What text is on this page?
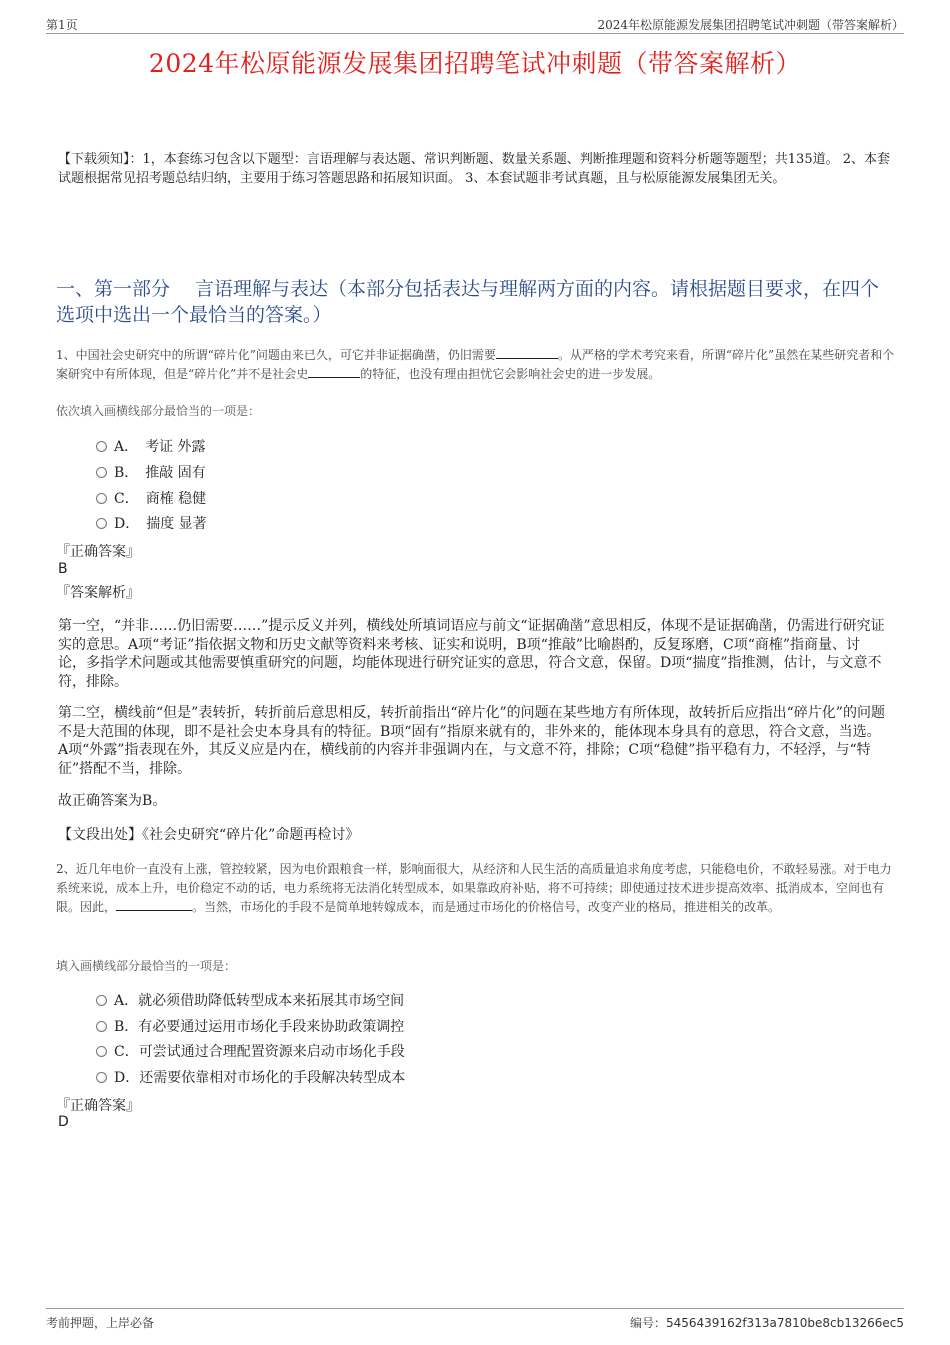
第1页	2024年松原能源发展集团招聘笔试冲刺题（带答案解析）
2024年松原能源发展集团招聘笔试冲刺题（带答案解析）
【下载须知】：1，本套练习包含以下题型：言语理解与表达题、常识判断题、数量关系题、判断推理题和资料分析题等题型；共135道。 2、本套试题根据常见招考题总结归纳，主要用于练习答题思路和拓展知识面。 3、本套试题非考试真题，且与松原能源发展集团无关。
一、第一部分　 言语理解与表达（本部分包括表达与理解两方面的内容。请根据题目要求，在四个选项中选出一个最恰当的答案。）
1、中国社会史研究中的所谓“碎片化”问题由来已久，可它并非证据确凿，仍旧需要	。从严格的学术考究来看，所谓“碎片化”虽然在某些研究者和个案研究中有所体现，但是“碎片化”并不是社会史	的特征，也没有理由担忧它会影响社会史的进一步发展。
依次填入画横线部分最恰当的一项是：
A．　考证 外露
B．　推敲 固有
C．　商榷 稳健
D．　揣度 显著
『正确答案』
B
『答案解析』
第一空，“并非……仍旧需要……”提示反义并列，横线处所填词语应与前文“证据确凿”意思相反，体现不是证据确凿，仍需进行研究证实的意思。A项“考证”指依据文物和历史文献等资料来考核、证实和说明，B项“推敲”比喻斟酌，反复琢磨，C项“商榷”指商量、讨论，多指学术问题或其他需要慎重研究的问题，均能体现进行研究证实的意思，符合文意，保留。D项“揣度”指推测，估计，与文意不符，排除。
第二空，横线前“但是”表转折，转折前后意思相反，转折前指出“碎片化”的问题在某些地方有所体现，故转折后应指出“碎片化”的问题不是大范围的体现，即不是社会史本身具有的特征。B项“固有”指原来就有的，非外来的，能体现本身具有的意思，符合文意，当选。A项“外露”指表现在外，其反义应是内在，横线前的内容并非强调内在，与文意不符，排除；C项“稳健”指平稳有力，不轻浮，与“特征”搭配不当，排除。
故正确答案为B。
【文段出处】《社会史研究“碎片化”命题再检讨》
2、近几年电价一直没有上涨，管控较紧，因为电价跟粮食一样，影响面很大，从经济和人民生活的高质量追求角度考虑，只能稳电价，不敢轻易涨。对于电力系统来说，成本上升，电价稳定不动的话，电力系统将无法消化转型成本，如果靠政府补贴，将不可持续；即使通过技术进步提高效率、抵消成本，空间也有限。因此，	。当然，市场化的手段不是简单地转嫁成本，而是通过市场化的价格信号，改变产业的格局，推进相关的改革。
填入画横线部分最恰当的一项是：
A．就必须借助降低转型成本来拓展其市场空间
B．有必要通过运用市场化手段来协助政策调控
C．可尝试通过合理配置资源来启动市场化手段
D．还需要依靠相对市场化的手段解决转型成本
『正确答案』
D
考前押题，上岸必备	编号：5456439162f313a7810be8cb13266ec5
